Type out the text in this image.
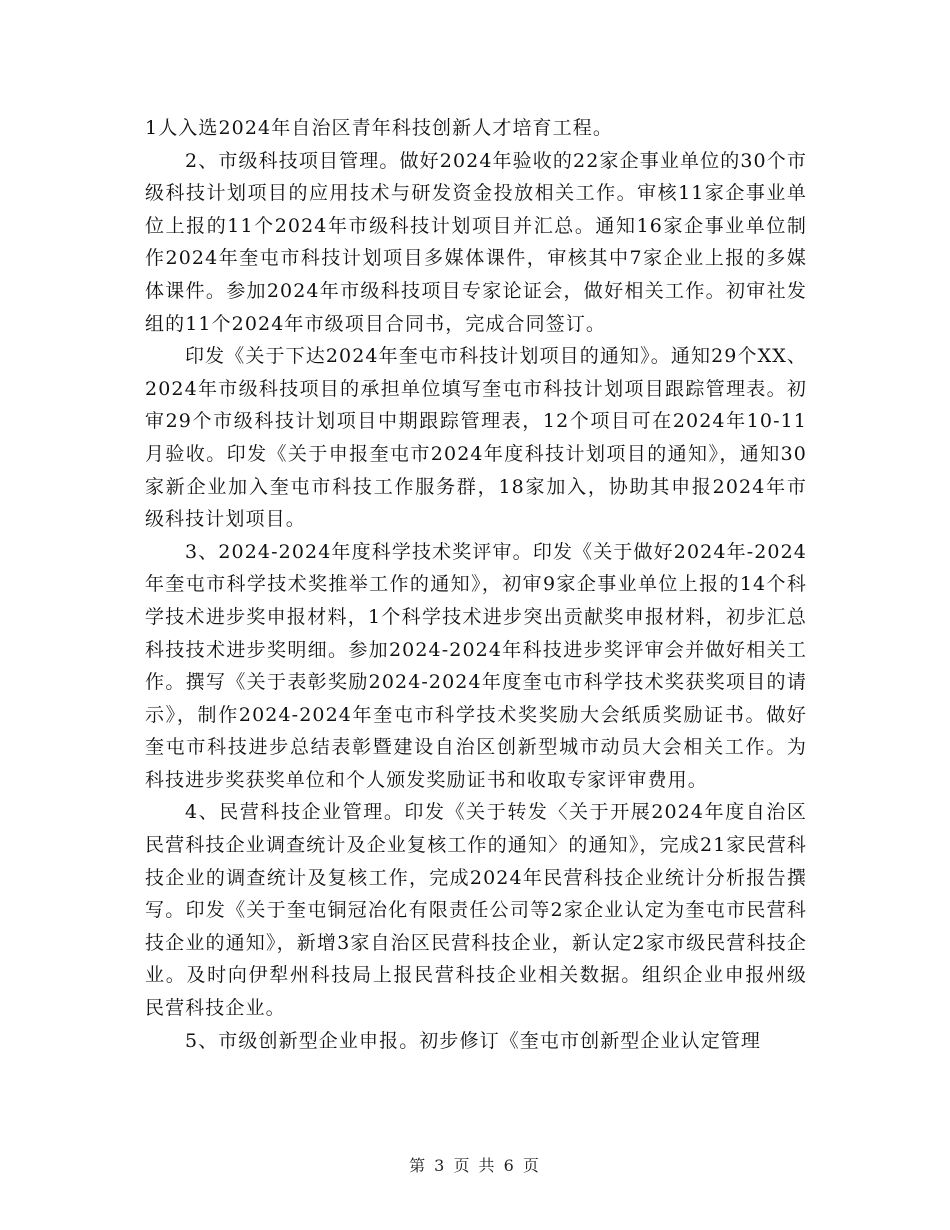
1人入选2024年自治区青年科技创新人才培育工程。

2、市级科技项目管理。做好2024年验收的22家企事业单位的30个市级科技计划项目的应用技术与研发资金投放相关工作。审核11家企事业单位上报的11个2024年市级科技计划项目并汇总。通知16家企事业单位制作2024年奎屯市科技计划项目多媒体课件，审核其中7家企业上报的多媒体课件。参加2024年市级科技项目专家论证会，做好相关工作。初审社发组的11个2024年市级项目合同书，完成合同签订。

印发《关于下达2024年奎屯市科技计划项目的通知》。通知29个XX、2024年市级科技项目的承担单位填写奎屯市科技计划项目跟踪管理表。初审29个市级科技计划项目中期跟踪管理表，12个项目可在2024年10-11月验收。印发《关于申报奎屯市2024年度科技计划项目的通知》，通知30家新企业加入奎屯市科技工作服务群，18家加入，协助其申报2024年市级科技计划项目。

3、2024-2024年度科学技术奖评审。印发《关于做好2024年-2024年奎屯市科学技术奖推举工作的通知》，初审9家企事业单位上报的14个科学技术进步奖申报材料，1个科学技术进步突出贡献奖申报材料，初步汇总科技技术进步奖明细。参加2024-2024年科技进步奖评审会并做好相关工作。撰写《关于表彰奖励2024-2024年度奎屯市科学技术奖获奖项目的请示》，制作2024-2024年奎屯市科学技术奖奖励大会纸质奖励证书。做好奎屯市科技进步总结表彰暨建设自治区创新型城市动员大会相关工作。为科技进步奖获奖单位和个人颁发奖励证书和收取专家评审费用。

4、民营科技企业管理。印发《关于转发〈关于开展2024年度自治区民营科技企业调查统计及企业复核工作的通知〉的通知》，完成21家民营科技企业的调查统计及复核工作，完成2024年民营科技企业统计分析报告撰写。印发《关于奎屯铜冠冶化有限责任公司等2家企业认定为奎屯市民营科技企业的通知》，新增3家自治区民营科技企业，新认定2家市级民营科技企业。及时向伊犁州科技局上报民营科技企业相关数据。组织企业申报州级民营科技企业。

5、市级创新型企业申报。初步修订《奎屯市创新型企业认定管理

第 3 页 共 6 页
